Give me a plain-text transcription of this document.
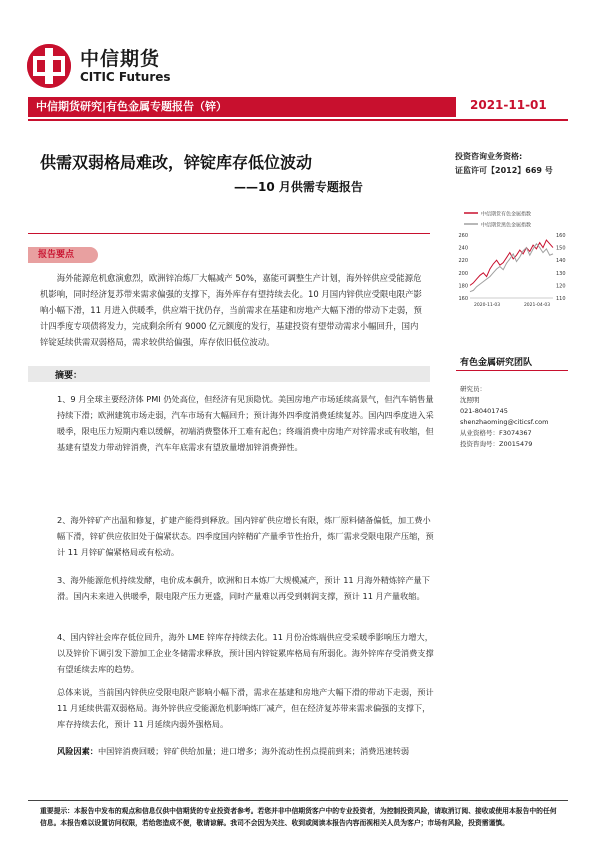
中信期货
CITIC Futures
中信期货研究|有色金属专题报告（锌）	2021-11-01
供需双弱格局难改，锌锭库存低位波动
——10 月供需专题报告
投资咨询业务资格:
证监许可【2012】669 号
中信期货有色金属指数
中信期货黑色金属指数
260
240
220
200
180
160
160
150
140
130
120
110
2020-11-03	2021-04-03
报告要点

海外能源危机愈演愈烈，欧洲锌冶炼厂大幅减产 50%，嘉能可调整生产计划，海外锌供应受能源危机影响，同时经济复苏带来需求偏强的支撑下，海外库存有望持续去化。10 月国内锌供应受限电限产影响小幅下滑，11 月进入供暖季，供应端干扰仍存，当前需求在基建和房地产大幅下滑的带动下走弱，预计四季度专项债将发力，完成剩余所有 9000 亿元额度的发行，基建投资有望带动需求小幅回升，国内锌锭延续供需双弱格局，需求较供给偏强，库存依旧低位波动。

有色金属研究团队
研究员：
沈照明
021-80401745
shenzhaoming@citicsf.com
从业资格号：F3074367
投资咨询号：Z0015479
摘要：

1、9 月全球主要经济体 PMI 仍处高位，但经济有见顶隐忧。美国房地产市场延续高景气，但汽车销售量持续下滑；欧洲建筑市场走弱，汽车市场有大幅回升；预计海外四季度消费延续复苏。国内四季度进入采暖季，限电压力短期内难以缓解，初端消费整体开工难有起色；终端消费中房地产对锌需求或有收缩，但基建有望发力带动锌消费，汽车年底需求有望放量增加锌消费弹性。

2、海外锌矿产出温和修复，扩建产能得到释放。国内锌矿供应增长有限，炼厂原料储备偏低，加工费小幅下滑，锌矿供应依旧处于偏紧状态。四季度国内锌精矿产量季节性抬升，炼厂需求受限电限产压缩，预计 11 月锌矿偏紧格局或有松动。

3、海外能源危机持续发酵，电价成本飙升，欧洲和日本炼厂大规模减产，预计 11 月海外精炼锌产量下滑。国内未来进入供暖季，限电限产压力更盛，同时产量难以再受到刺润支撑，预计 11 月产量收缩。

4、国内锌社会库存低位回升，海外 LME 锌库存持续去化。11 月份冶炼端供应受采暖季影响压力增大，以及锌价下调引发下游加工企业冬储需求释放，预计国内锌锭累库格局有所弱化。海外锌库存受消费支撑有望延续去库的趋势。

总体来说，当前国内锌供应受限电限产影响小幅下滑，需求在基建和房地产大幅下滑的带动下走弱，预计 11 月延续供需双弱格局。海外锌供应受能源危机影响炼厂减产，但在经济复苏带来需求偏强的支撑下，库存持续去化，预计 11 月延续内弱外强格局。

风险因素：中国锌消费回暖；锌矿供给加量；进口增多；海外流动性拐点提前到来；消费迅速转弱

重要提示：本报告中发布的观点和信息仅供中信期货的专业投资者参考。若您并非中信期货客户中的专业投资者，为控制投资风险，请取消订阅、接收或使用本报告中的任何信息。本报告难以设置访问权限，若给您造成不便，敬请谅解。我司不会因为关注、收到或阅读本报告内容而视相关人员为客户；市场有风险，投资需谨慎。
